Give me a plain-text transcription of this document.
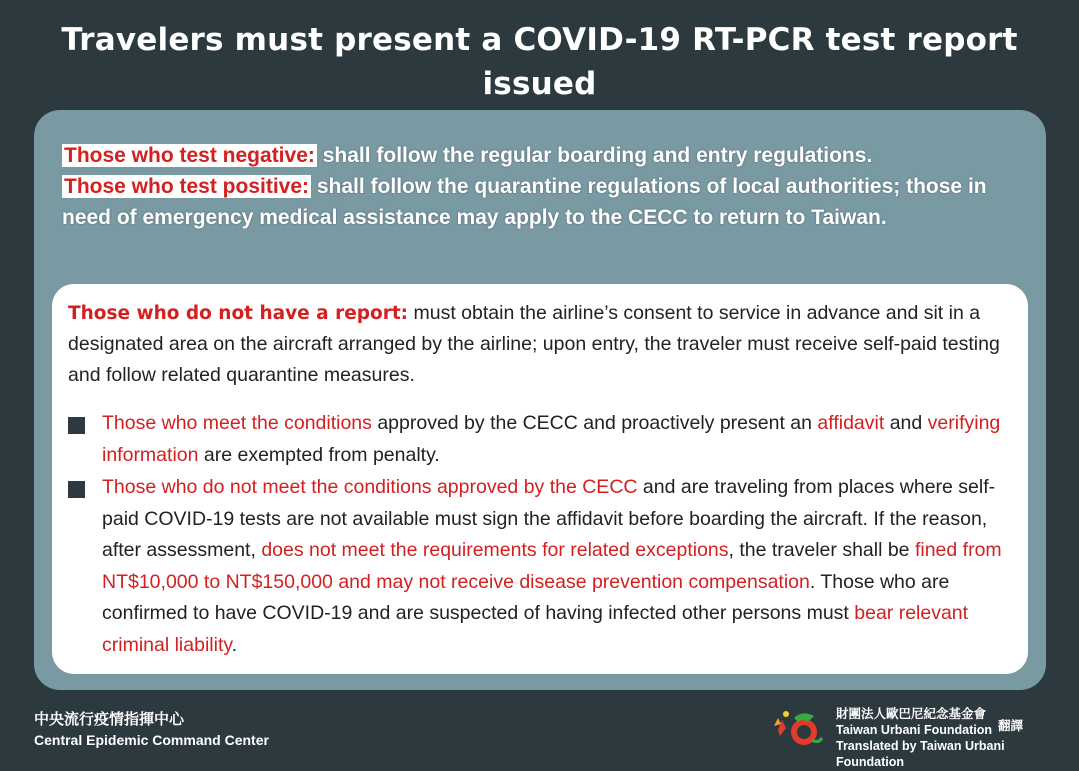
Travelers must present a COVID-19 RT-PCR test report issued
Those who test negative: shall follow the regular boarding and entry regulations.
Those who test positive: shall follow the quarantine regulations of local authorities; those in need of emergency medical assistance may apply to the CECC to return to Taiwan.
Those who do not have a report: must obtain the airline’s consent to service in advance and sit in a designated area on the aircraft arranged by the airline; upon entry, the traveler must receive self-paid testing and follow related quarantine measures.
Those who meet the conditions approved by the CECC and proactively present an affidavit and verifying information are exempted from penalty.
Those who do not meet the conditions approved by the CECC and are traveling from places where self-paid COVID-19 tests are not available must sign the affidavit before boarding the aircraft. If the reason, after assessment, does not meet the requirements for related exceptions, the traveler shall be fined from NT$10,000 to NT$150,000 and may not receive disease prevention compensation. Those who are confirmed to have COVID-19 and are suspected of having infected other persons must bear relevant criminal liability.
中央流行疫情指揮中心
Central Epidemic Command Center
財團法人歐巴尼紀念基金會
Taiwan Urbani Foundation
Translated by Taiwan Urbani Foundation
翻譯
